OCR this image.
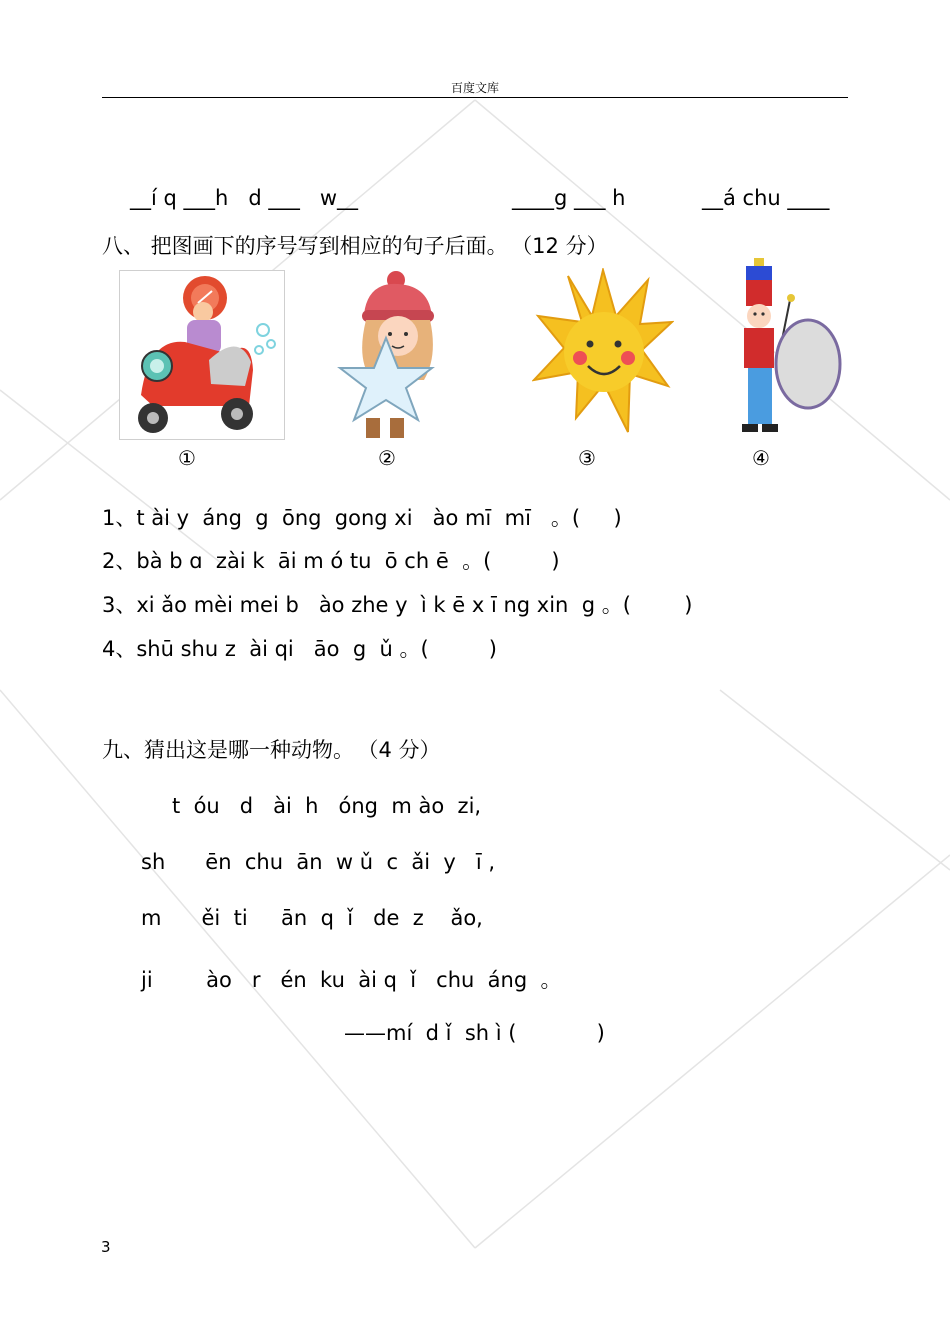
百度文库
__í q ___h   d ___   w__	____g ___ h	__á chu ____
八、 把图画下的序号写到相应的句子后面。 （12 分）
①	②	③	④
1、t ài y  áng  g  ōng  gong xi   ào mī  mī   。(     )
2、bà b ɑ  zài k  āi m ó tu  ō ch ē  。(         )
3、xi ǎo mèi mei b   ào zhe y  ì k ē x ī ng xin  g 。(        )
4、shū shu z  ài qi   āo  g  ǔ 。(         )
九、猜出这是哪一种动物。 （4 分）
t  óu   d   ài  h   óng  m ào  zi,
sh      ēn  chu  ān  w ǔ  c  ǎi  y   ī ,
m      ěi  ti     ān  q  ǐ   de  z    ǎo,
ji        ào   r   én  ku  ài q  ǐ   chu  áng  。
——mí  d ǐ  sh ì (            )
3
